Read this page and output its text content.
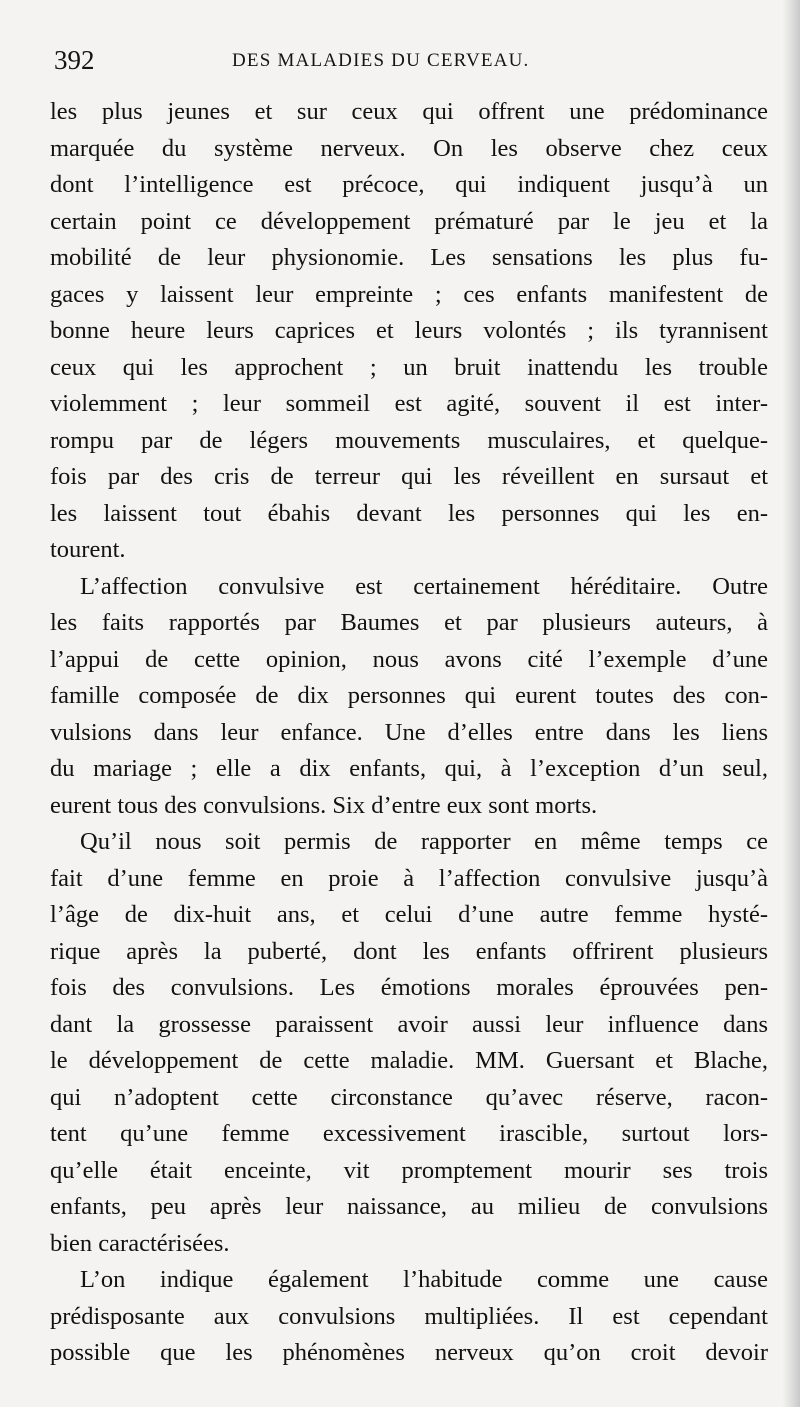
392	DES MALADIES DU CERVEAU.
les plus jeunes et sur ceux qui offrent une prédominance
marquée du système nerveux. On les observe chez ceux
dont l’intelligence est précoce, qui indiquent jusqu’à un
certain point ce développement prématuré par le jeu et la
mobilité de leur physionomie. Les sensations les plus fu-
gaces y laissent leur empreinte ; ces enfants manifestent de
bonne heure leurs caprices et leurs volontés ; ils tyrannisent
ceux qui les approchent ; un bruit inattendu les trouble
violemment ; leur sommeil est agité, souvent il est inter-
rompu par de légers mouvements musculaires, et quelque-
fois par des cris de terreur qui les réveillent en sursaut et
les laissent tout ébahis devant les personnes qui les en-
tourent.
L’affection convulsive est certainement héréditaire. Outre
les faits rapportés par Baumes et par plusieurs auteurs, à
l’appui de cette opinion, nous avons cité l’exemple d’une
famille composée de dix personnes qui eurent toutes des con-
vulsions dans leur enfance. Une d’elles entre dans les liens
du mariage ; elle a dix enfants, qui, à l’exception d’un seul,
eurent tous des convulsions. Six d’entre eux sont morts.
Qu’il nous soit permis de rapporter en même temps ce
fait d’une femme en proie à l’affection convulsive jusqu’à
l’âge de dix-huit ans, et celui d’une autre femme hysté-
rique après la puberté, dont les enfants offrirent plusieurs
fois des convulsions. Les émotions morales éprouvées pen-
dant la grossesse paraissent avoir aussi leur influence dans
le développement de cette maladie. MM. Guersant et Blache,
qui n’adoptent cette circonstance qu’avec réserve, racon-
tent qu’une femme excessivement irascible, surtout lors-
qu’elle était enceinte, vit promptement mourir ses trois
enfants, peu après leur naissance, au milieu de convulsions
bien caractérisées.
L’on indique également l’habitude comme une cause
prédisposante aux convulsions multipliées. Il est cependant
possible que les phénomènes nerveux qu’on croit devoir
